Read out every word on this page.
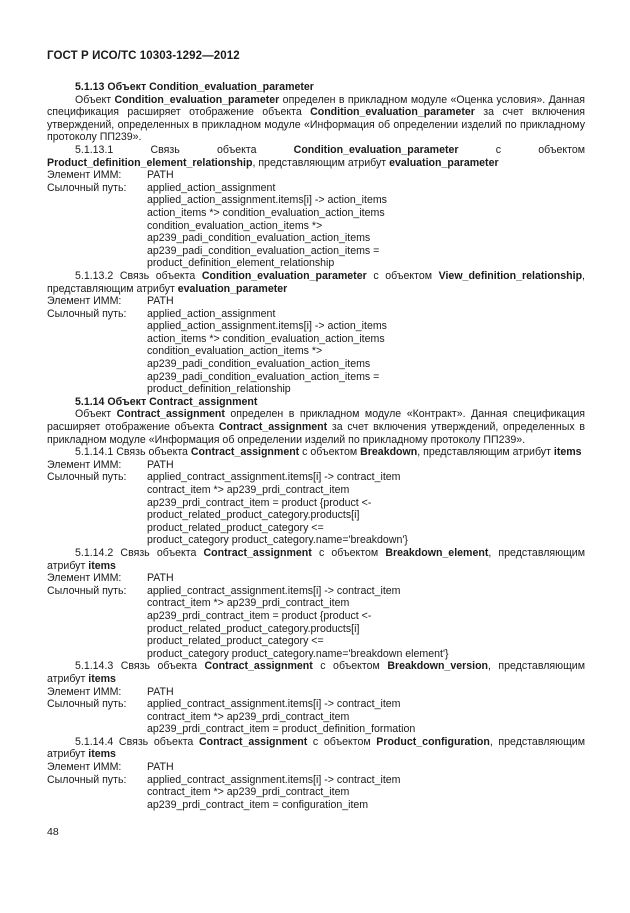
ГОСТ Р ИСО/ТС 10303-1292—2012
5.1.13 Объект Condition_evaluation_parameter
Объект Condition_evaluation_parameter определен в прикладном модуле «Оценка условия». Данная спецификация расширяет отображение объекта Condition_evaluation_parameter за счет включения утверждений, определенных в прикладном модуле «Информация об определении изделий по прикладному протоколу ПП239».
5.1.13.1 Связь объекта Condition_evaluation_parameter с объектом Product_definition_element_relationship, представляющим атрибут evaluation_parameter
Элемент ИММ:	PATH
Сылочный путь:	applied_action_assignment
applied_action_assignment.items[i] -> action_items
action_items *> condition_evaluation_action_items
condition_evaluation_action_items *>
ap239_padi_condition_evaluation_action_items
ap239_padi_condition_evaluation_action_items =
product_definition_element_relationship
5.1.13.2 Связь объекта Condition_evaluation_parameter с объектом View_definition_relationship, представляющим атрибут evaluation_parameter
Элемент ИММ:	PATH
Сылочный путь:	applied_action_assignment
applied_action_assignment.items[i] -> action_items
action_items *> condition_evaluation_action_items
condition_evaluation_action_items *>
ap239_padi_condition_evaluation_action_items
ap239_padi_condition_evaluation_action_items =
product_definition_relationship
5.1.14 Объект Contract_assignment
Объект Contract_assignment определен в прикладном модуле «Контракт». Данная спецификация расширяет отображение объекта Contract_assignment за счет включения утверждений, определенных в прикладном модуле «Информация об определении изделий по прикладному протоколу ПП239».
5.1.14.1 Связь объекта Contract_assignment с объектом Breakdown, представляющим атрибут items
Элемент ИММ:	PATH
Сылочный путь:	applied_contract_assignment.items[i] -> contract_item
contract_item *> ap239_prdi_contract_item
ap239_prdi_contract_item = product {product <-
product_related_product_category.products[i]
product_related_product_category <=
product_category product_category.name='breakdown'}
5.1.14.2 Связь объекта Contract_assignment с объектом Breakdown_element, представляющим атрибут items
Элемент ИММ:	PATH
Сылочный путь:	applied_contract_assignment.items[i] -> contract_item
contract_item *> ap239_prdi_contract_item
ap239_prdi_contract_item = product {product <-
product_related_product_category.products[i]
product_related_product_category <=
product_category product_category.name='breakdown element'}
5.1.14.3 Связь объекта Contract_assignment с объектом Breakdown_version, представляющим атрибут items
Элемент ИММ:	PATH
Сылочный путь:	applied_contract_assignment.items[i] -> contract_item
contract_item *> ap239_prdi_contract_item
ap239_prdi_contract_item = product_definition_formation
5.1.14.4 Связь объекта Contract_assignment с объектом Product_configuration, представляющим атрибут items
Элемент ИММ:	PATH
Сылочный путь:	applied_contract_assignment.items[i] -> contract_item
contract_item *> ap239_prdi_contract_item
ap239_prdi_contract_item = configuration_item
48
